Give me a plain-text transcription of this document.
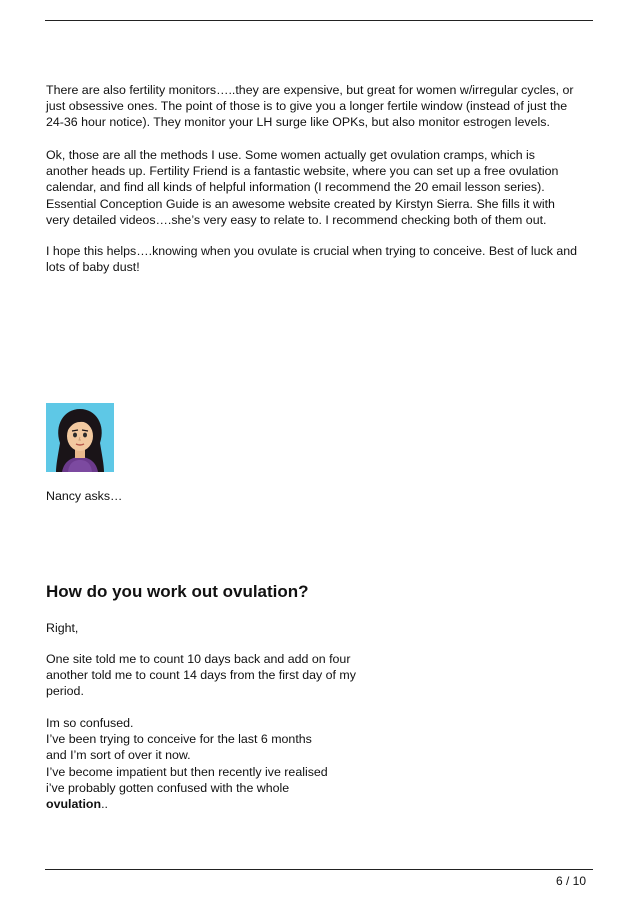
There are also fertility monitors…..they are expensive, but great for women w/irregular cycles, or
just obsessive ones. The point of those is to give you a longer fertile window (instead of just the
24-36 hour notice). They monitor your LH surge like OPKs, but also monitor estrogen levels.
Ok, those are all the methods I use. Some women actually get ovulation cramps, which is
another heads up. Fertility Friend is a fantastic website, where you can set up a free ovulation
calendar, and find all kinds of helpful information (I recommend the 20 email lesson series).
Essential Conception Guide is an awesome website created by Kirstyn Sierra. She fills it with
very detailed videos….she’s very easy to relate to. I recommend checking both of them out.
I hope this helps….knowing when you ovulate is crucial when trying to conceive. Best of luck and
lots of baby dust!

Nancy asks…

How do you work out ovulation?
Right,
One site told me to count 10 days back and add on four
another told me to count 14 days from the first day of my
period.
Im so confused.
I’ve been trying to conceive for the last 6 months
and I’m sort of over it now.
I’ve become impatient but then recently ive realised
i’ve probably gotten confused with the whole
ovulation..

6 / 10
